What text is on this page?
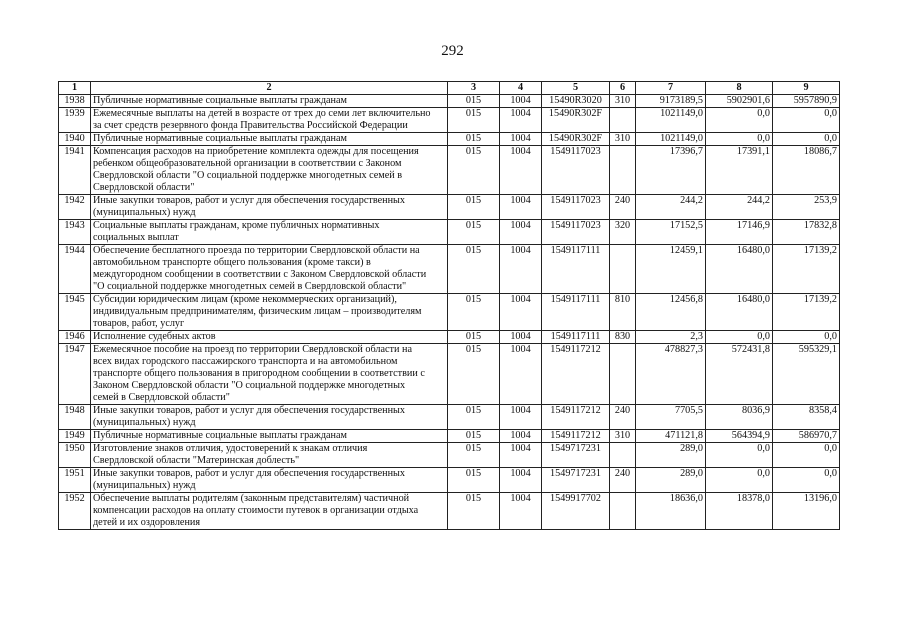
292
1	2	3	4	5	6	7	8	9
1938	Публичные нормативные социальные выплаты гражданам	015	1004	15490R3020	310	9173189,5	5902901,6	5957890,9
1939	Ежемесячные выплаты на детей в возрасте от трех до семи лет включительно
за счет средств резервного фонда Правительства Российской Федерации	015	1004	15490R302F		1021149,0	0,0	0,0
1940	Публичные нормативные социальные выплаты гражданам	015	1004	15490R302F	310	1021149,0	0,0	0,0
1941	Компенсация расходов на приобретение комплекта одежды для посещения
ребенком общеобразовательной организации в соответствии с Законом
Свердловской области "О социальной поддержке многодетных семей в
Свердловской области"	015	1004	1549117023		17396,7	17391,1	18086,7
1942	Иные закупки товаров, работ и услуг для обеспечения государственных
(муниципальных) нужд	015	1004	1549117023	240	244,2	244,2	253,9
1943	Социальные выплаты гражданам, кроме публичных нормативных
социальных выплат	015	1004	1549117023	320	17152,5	17146,9	17832,8
1944	Обеспечение бесплатного проезда по территории Свердловской области на
автомобильном транспорте общего пользования (кроме такси) в
междугородном сообщении в соответствии с Законом Свердловской области
"О социальной поддержке многодетных семей в Свердловской области"	015	1004	1549117111		12459,1	16480,0	17139,2
1945	Субсидии юридическим лицам (кроме некоммерческих организаций),
индивидуальным предпринимателям, физическим лицам – производителям
товаров, работ, услуг	015	1004	1549117111	810	12456,8	16480,0	17139,2
1946	Исполнение судебных актов	015	1004	1549117111	830	2,3	0,0	0,0
1947	Ежемесячное пособие на проезд по территории Свердловской области на
всех видах городского пассажирского транспорта и на автомобильном
транспорте общего пользования в пригородном сообщении в соответствии с
Законом Свердловской области "О социальной поддержке многодетных
семей в Свердловской области"	015	1004	1549117212		478827,3	572431,8	595329,1
1948	Иные закупки товаров, работ и услуг для обеспечения государственных
(муниципальных) нужд	015	1004	1549117212	240	7705,5	8036,9	8358,4
1949	Публичные нормативные социальные выплаты гражданам	015	1004	1549117212	310	471121,8	564394,9	586970,7
1950	Изготовление знаков отличия, удостоверений к знакам отличия
Свердловской области "Материнская доблесть"	015	1004	1549717231		289,0	0,0	0,0
1951	Иные закупки товаров, работ и услуг для обеспечения государственных
(муниципальных) нужд	015	1004	1549717231	240	289,0	0,0	0,0
1952	Обеспечение выплаты родителям (законным представителям) частичной
компенсации расходов на оплату стоимости путевок в организации отдыха
детей и их оздоровления	015	1004	1549917702		18636,0	18378,0	13196,0
